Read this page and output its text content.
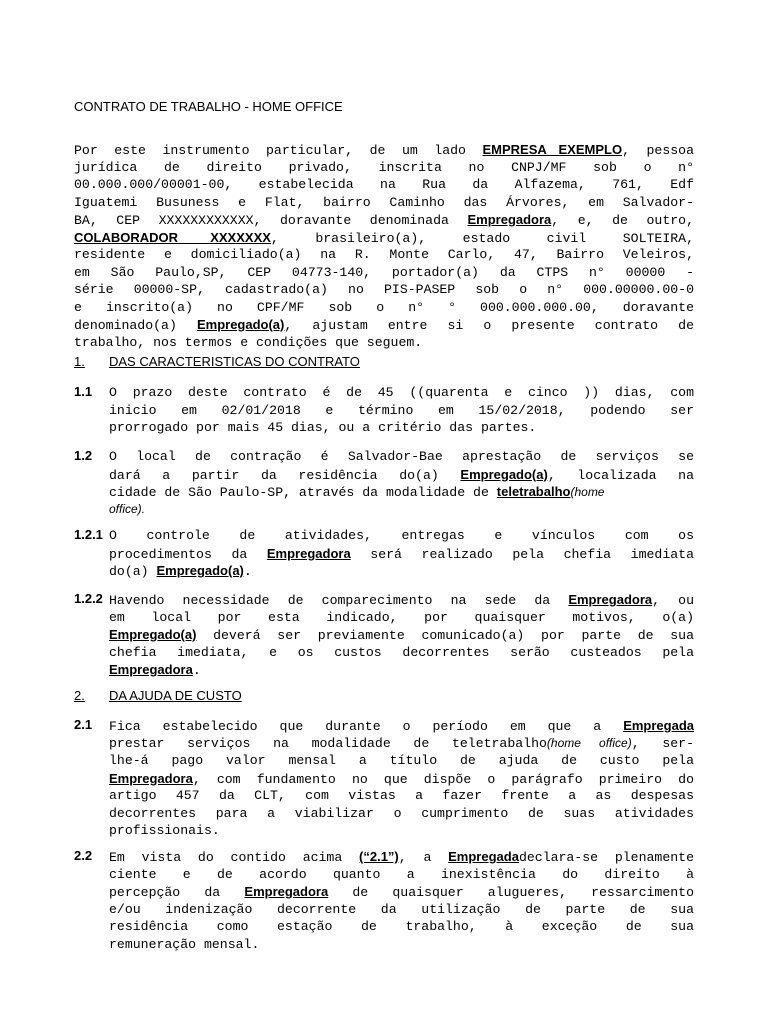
CONTRATO DE TRABALHO - HOME OFFICE
Por este instrumento particular, de um lado EMPRESA EXEMPLO, pessoa
jurídica de direito privado, inscrita no CNPJ/MF sob o n°
00.000.000/00001-00, estabelecida na Rua da Alfazema, 761, Edf
Iguatemi Busuness e Flat, bairro Caminho das Árvores, em Salvador-
BA, CEP XXXXXXXXXXXX, doravante denominada Empregadora, e, de outro,
COLABORADOR XXXXXXX, brasileiro(a), estado civil SOLTEIRA,
residente e domiciliado(a) na R. Monte Carlo, 47, Bairro Veleiros,
em São Paulo,SP, CEP 04773-140, portador(a) da CTPS n° 00000 -
série 00000-SP, cadastrado(a) no PIS-PASEP sob o n° 000.00000.00-0
e inscrito(a) no CPF/MF sob o n° ° 000.000.000.00, doravante
denominado(a) Empregado(a), ajustam entre si o presente contrato de
trabalho, nos termos e condições que seguem.
1. DAS CARACTERISTICAS DO CONTRATO
1.1 O prazo deste contrato é de 45 ((quarenta e cinco )) dias, com
inicio em 02/01/2018 e término em 15/02/2018, podendo ser
prorrogado por mais 45 dias, ou a critério das partes.
1.2 O local de contração é Salvador-Bae aprestação de serviços se
dará a partir da residência do(a) Empregado(a), localizada na
cidade de São Paulo-SP, através da modalidade de teletrabalho(home
office).
1.2.1 O controle de atividades, entregas e vínculos com os
procedimentos da Empregadora será realizado pela chefia imediata
do(a) Empregado(a).
1.2.2 Havendo necessidade de comparecimento na sede da Empregadora, ou
em local por esta indicado, por quaisquer motivos, o(a)
Empregado(a) deverá ser previamente comunicado(a) por parte de sua
chefia imediata, e os custos decorrentes serão custeados pela
Empregadora.
2. DA AJUDA DE CUSTO
2.1 Fica estabelecido que durante o período em que a Empregada
prestar serviços na modalidade de teletrabalho(home office), ser-
lhe-á pago valor mensal a título de ajuda de custo pela
Empregadora, com fundamento no que dispõe o parágrafo primeiro do
artigo 457 da CLT, com vistas a fazer frente a as despesas
decorrentes para a viabilizar o cumprimento de suas atividades
profissionais.
2.2 Em vista do contido acima (“2.1”), a Empregadadeclara-se plenamente
ciente e de acordo quanto a inexistência do direito à
percepção da Empregadora de quaisquer alugueres, ressarcimento
e/ou indenização decorrente da utilização de parte de sua
residência como estação de trabalho, à exceção de sua
remuneração mensal.
